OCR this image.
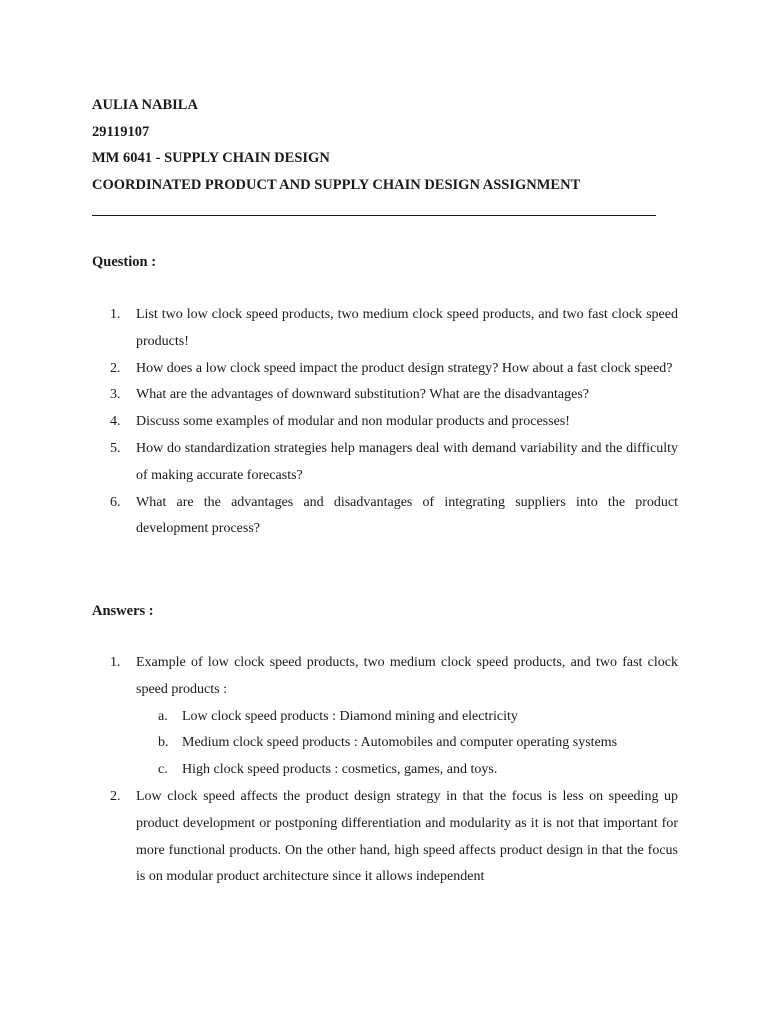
AULIA NABILA
29119107
MM 6041 - SUPPLY CHAIN DESIGN
COORDINATED PRODUCT AND SUPPLY CHAIN DESIGN ASSIGNMENT
Question :
1. List two low clock speed products, two medium clock speed products, and two fast clock speed products!
2. How does a low clock speed impact the product design strategy? How about a fast clock speed?
3. What are the advantages of downward substitution? What are the disadvantages?
4. Discuss some examples of modular and non modular products and processes!
5. How do standardization strategies help managers deal with demand variability and the difficulty of making accurate forecasts?
6. What are the advantages and disadvantages of integrating suppliers into the product development process?
Answers :
1. Example of low clock speed products, two medium clock speed products, and two fast clock speed products :
a. Low clock speed products : Diamond mining and electricity
b. Medium clock speed products : Automobiles and computer operating systems
c. High clock speed products : cosmetics, games, and toys.
2. Low clock speed affects the product design strategy in that the focus is less on speeding up product development or postponing differentiation and modularity as it is not that important for more functional products. On the other hand, high speed affects product design in that the focus is on modular product architecture since it allows independent
